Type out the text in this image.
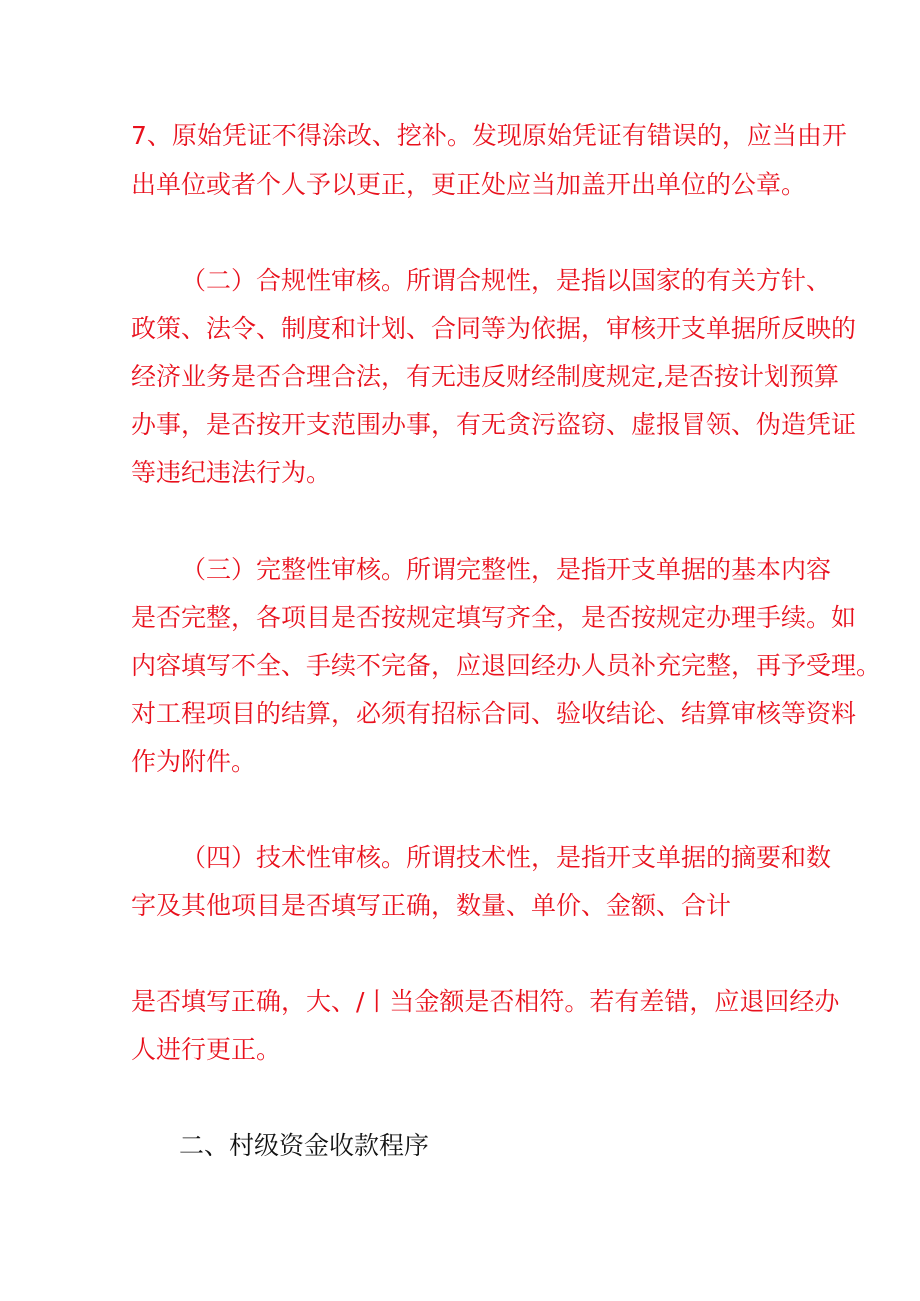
7、原始凭证不得涂改、挖补。发现原始凭证有错误的，应当由开
出单位或者个人予以更正，更正处应当加盖开出单位的公章。
（二）合规性审核。所谓合规性，是指以国家的有关方针、
政策、法令、制度和计划、合同等为依据，审核开支单据所反映的
经济业务是否合理合法，有无违反财经制度规定,是否按计划预算
办事，是否按开支范围办事，有无贪污盗窃、虚报冒领、伪造凭证
等违纪违法行为。
（三）完整性审核。所谓完整性，是指开支单据的基本内容
是否完整，各项目是否按规定填写齐全，是否按规定办理手续。如
内容填写不全、手续不完备，应退回经办人员补充完整，再予受理。
对工程项目的结算，必须有招标合同、验收结论、结算审核等资料
作为附件。
（四）技术性审核。所谓技术性，是指开支单据的摘要和数
字及其他项目是否填写正确，数量、单价、金额、合计
是否填写正确，大、/丨当金额是否相符。若有差错，应退回经办
人进行更正。
二、村级资金收款程序
